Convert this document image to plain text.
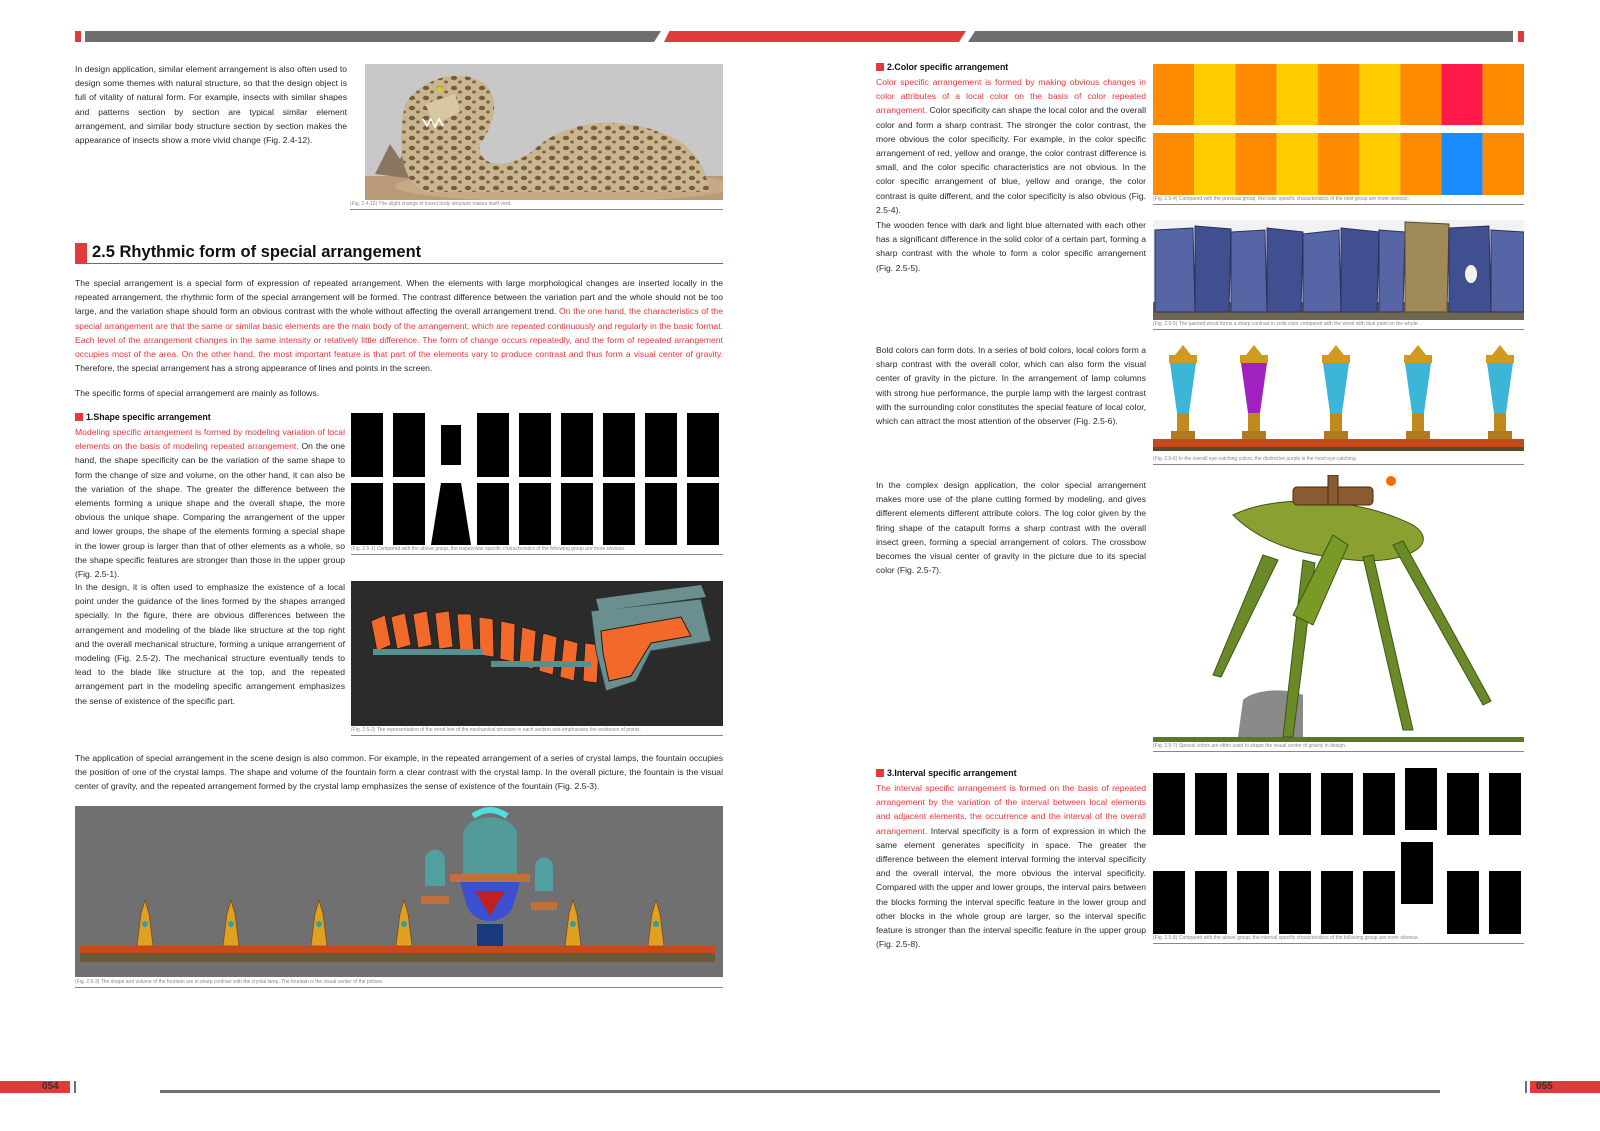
In design application, similar element arrangement is also often used to design some themes with natural structure, so that the design object is full of vitality of natural form. For example, insects with similar shapes and patterns section by section are typical similar element arrangement, and similar body structure section by section makes the appearance of insects show a more vivid change (Fig. 2.4-12).

(Fig. 2.4-12) The slight change of insect body structure makes itself vivid.
2.5 Rhythmic form of special arrangement

The special arrangement is a special form of expression of repeated arrangement. When the elements with large morphological changes are inserted locally in the repeated arrangement, the rhythmic form of the special arrangement will be formed. The contrast difference between the variation part and the whole should not be too large, and the variation shape should form an obvious contrast with the whole without affecting the overall arrangement trend. On the one hand, the characteristics of the special arrangement are that the same or similar basic elements are the main body of the arrangement, which are repeated continuously and regularly in the basic format. Each level of the arrangement changes in the same intensity or relatively little difference. The form of change occurs repeatedly, and the form of repeated arrangement occupies most of the area. On the other hand, the most important feature is that part of the elements vary to produce contrast and thus form a visual center of gravity. Therefore, the special arrangement has a strong appearance of lines and points in the screen.

The specific forms of special arrangement are mainly as follows.

1.Shape specific arrangement

Modeling specific arrangement is formed by modeling variation of local elements on the basis of modeling repeated arrangement. On the one hand, the shape specificity can be the variation of the same shape to form the change of size and volume, on the other hand, it can also be the variation of the shape. The greater the difference between the elements forming a unique shape and the overall shape, the more obvious the unique shape. Comparing the arrangement of the upper and lower groups, the shape of the elements forming a special shape in the lower group is larger than that of other elements as a whole, so the shape specific features are stronger than those in the upper group (Fig. 2.5-1).

(Fig. 2.5-1) Compared with the above group, the trapezoidal specific characteristics of the following group are more obvious.

In the design, it is often used to emphasize the existence of a local point under the guidance of the lines formed by the shapes arranged specially. In the figure, there are obvious differences between the arrangement and modeling of the blade like structure at the top right and the overall mechanical structure, forming a unique arrangement of modeling (Fig. 2.5-2). The mechanical structure eventually tends to lead to the blade like structure at the top, and the repeated arrangement part in the modeling specific arrangement emphasizes the sense of existence of the specific part.

(Fig. 2.5-2) The representation of the trend line of the mechanical structure in each section and emphasizes the existence of points.

The application of special arrangement in the scene design is also common. For example, in the repeated arrangement of a series of crystal lamps, the fountain occupies the position of one of the crystal lamps. The shape and volume of the fountain form a clear contrast with the crystal lamp. In the overall picture, the fountain is the visual center of gravity, and the repeated arrangement formed by the crystal lamp emphasizes the sense of existence of the fountain (Fig. 2.5-3).

(Fig. 2.5-3) The shape and volume of the fountain are in sharp contrast with the crystal lamp. The fountain is the visual center of the picture.
054
2.Color specific arrangement

Color specific arrangement is formed by making obvious changes in color attributes of a local color on the basis of color repeated arrangement. Color specificity can shape the local color and the overall color and form a sharp contrast. The stronger the color contrast, the more obvious the color specificity. For example, in the color specific arrangement of red, yellow and orange, the color contrast difference is small, and the color specific characteristics are not obvious. In the color specific arrangement of blue, yellow and orange, the color contrast is quite different, and the color specificity is also obvious (Fig. 2.5-4).

(Fig. 2.5-4) Compared with the previous group, the color specific characteristics of the next group are more obvious.

The wooden fence with dark and light blue alternated with each other has a significant difference in the solid color of a certain part, forming a sharp contrast with the whole to form a color specific arrangement (Fig. 2.5-5).

(Fig. 2.5-5) The painted wood forms a sharp contrast in solid color compared with the wood with blue paint on the whole.

Bold colors can form dots. In a series of bold colors, local colors form a sharp contrast with the overall color, which can also form the visual center of gravity in the picture. In the arrangement of lamp columns with strong hue performance, the purple lamp with the largest contrast with the surrounding color constitutes the special feature of local color, which can attract the most attention of the observer (Fig. 2.5-6).

(Fig. 2.5-6) In the overall eye-catching colors, the distinctive purple is the most eye-catching.

In the complex design application, the color special arrangement makes more use of the plane cutting formed by modeling, and gives different elements different attribute colors. The log color given by the firing shape of the catapult forms a sharp contrast with the overall insect green, forming a special arrangement of colors. The crossbow becomes the visual center of gravity in the picture due to its special color (Fig. 2.5-7).

(Fig. 2.5-7) Special colors are often used to shape the visual center of gravity in design.
3.Interval specific arrangement

The interval specific arrangement is formed on the basis of repeated arrangement by the variation of the interval between local elements and adjacent elements, the occurrence and the interval of the overall arrangement. Interval specificity is a form of expression in which the same element generates specificity in space. The greater the difference between the element interval forming the interval specificity and the overall interval, the more obvious the interval specificity. Compared with the upper and lower groups, the interval pairs between the blocks forming the interval specific feature in the lower group and other blocks in the whole group are larger, so the interval specific feature is stronger than the interval specific feature in the upper group (Fig. 2.5-8).

(Fig. 2.5-8) Compared with the above group, the interval specific characteristics of the following group are more obvious.
055
